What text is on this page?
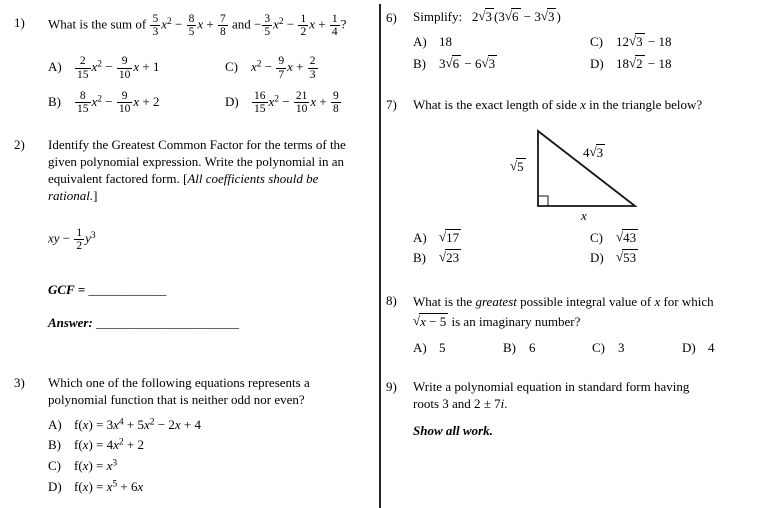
1)	What is the sum of $\frac{5}{3} x^2 - \frac{8}{5}$ $x + \frac{7}{8}$ and − $\frac{3}{5} x^2 - \frac{1}{2}$ $x + \frac{1}{4}$ ?
$A) \frac{2}{15} x^2 - \frac{9}{10}$ x + 1
$B) \frac{8}{15} x^2 - \frac{9}{10}$ x + 2
C) $x^2 - \frac{9}{7}$ $x + \frac{2}{3}$
$D) \frac{16}{15} x^2 - \frac{21}{10}$ $x + \frac{9}{8}$
2)	Identify the Greatest Common Factor for the terms of the
given polynomial expression. Write the polynomial in an
equivalent factored form. [All coefficients should be
rational.]
xy − $\frac{1}{2} y^3$
GCF = ____________
Answer: ______________________
3)	Which one of the following equations represents a
polynomial function that is neither odd nor even?
A) $f(x) = 3x^4 + 5x^2 - 2x + 4$
B) $f(x) = 4x^2 + 2$
C) $f(x) = x^3$
D) $f(x) = x^5 + 6x$
6)	Simplify:   2√3 (3√6 − 3√3 )
A) 18
B) 3√6 − 6√3
C) 12√3 − 18
D) 18√2 − 18
7)	What is the exact length of side x in the triangle below?
√5
4√3
x
A) √17
B) √23
C) √43
D) √53
8)	What is the greatest possible integral value of x for which
√x − 5 is an imaginary number?
A) 5	B) 6	C) 3	D) 4
9)	Write a polynomial equation in standard form having
roots 3 and 2 ± 7i.
Show all work.
